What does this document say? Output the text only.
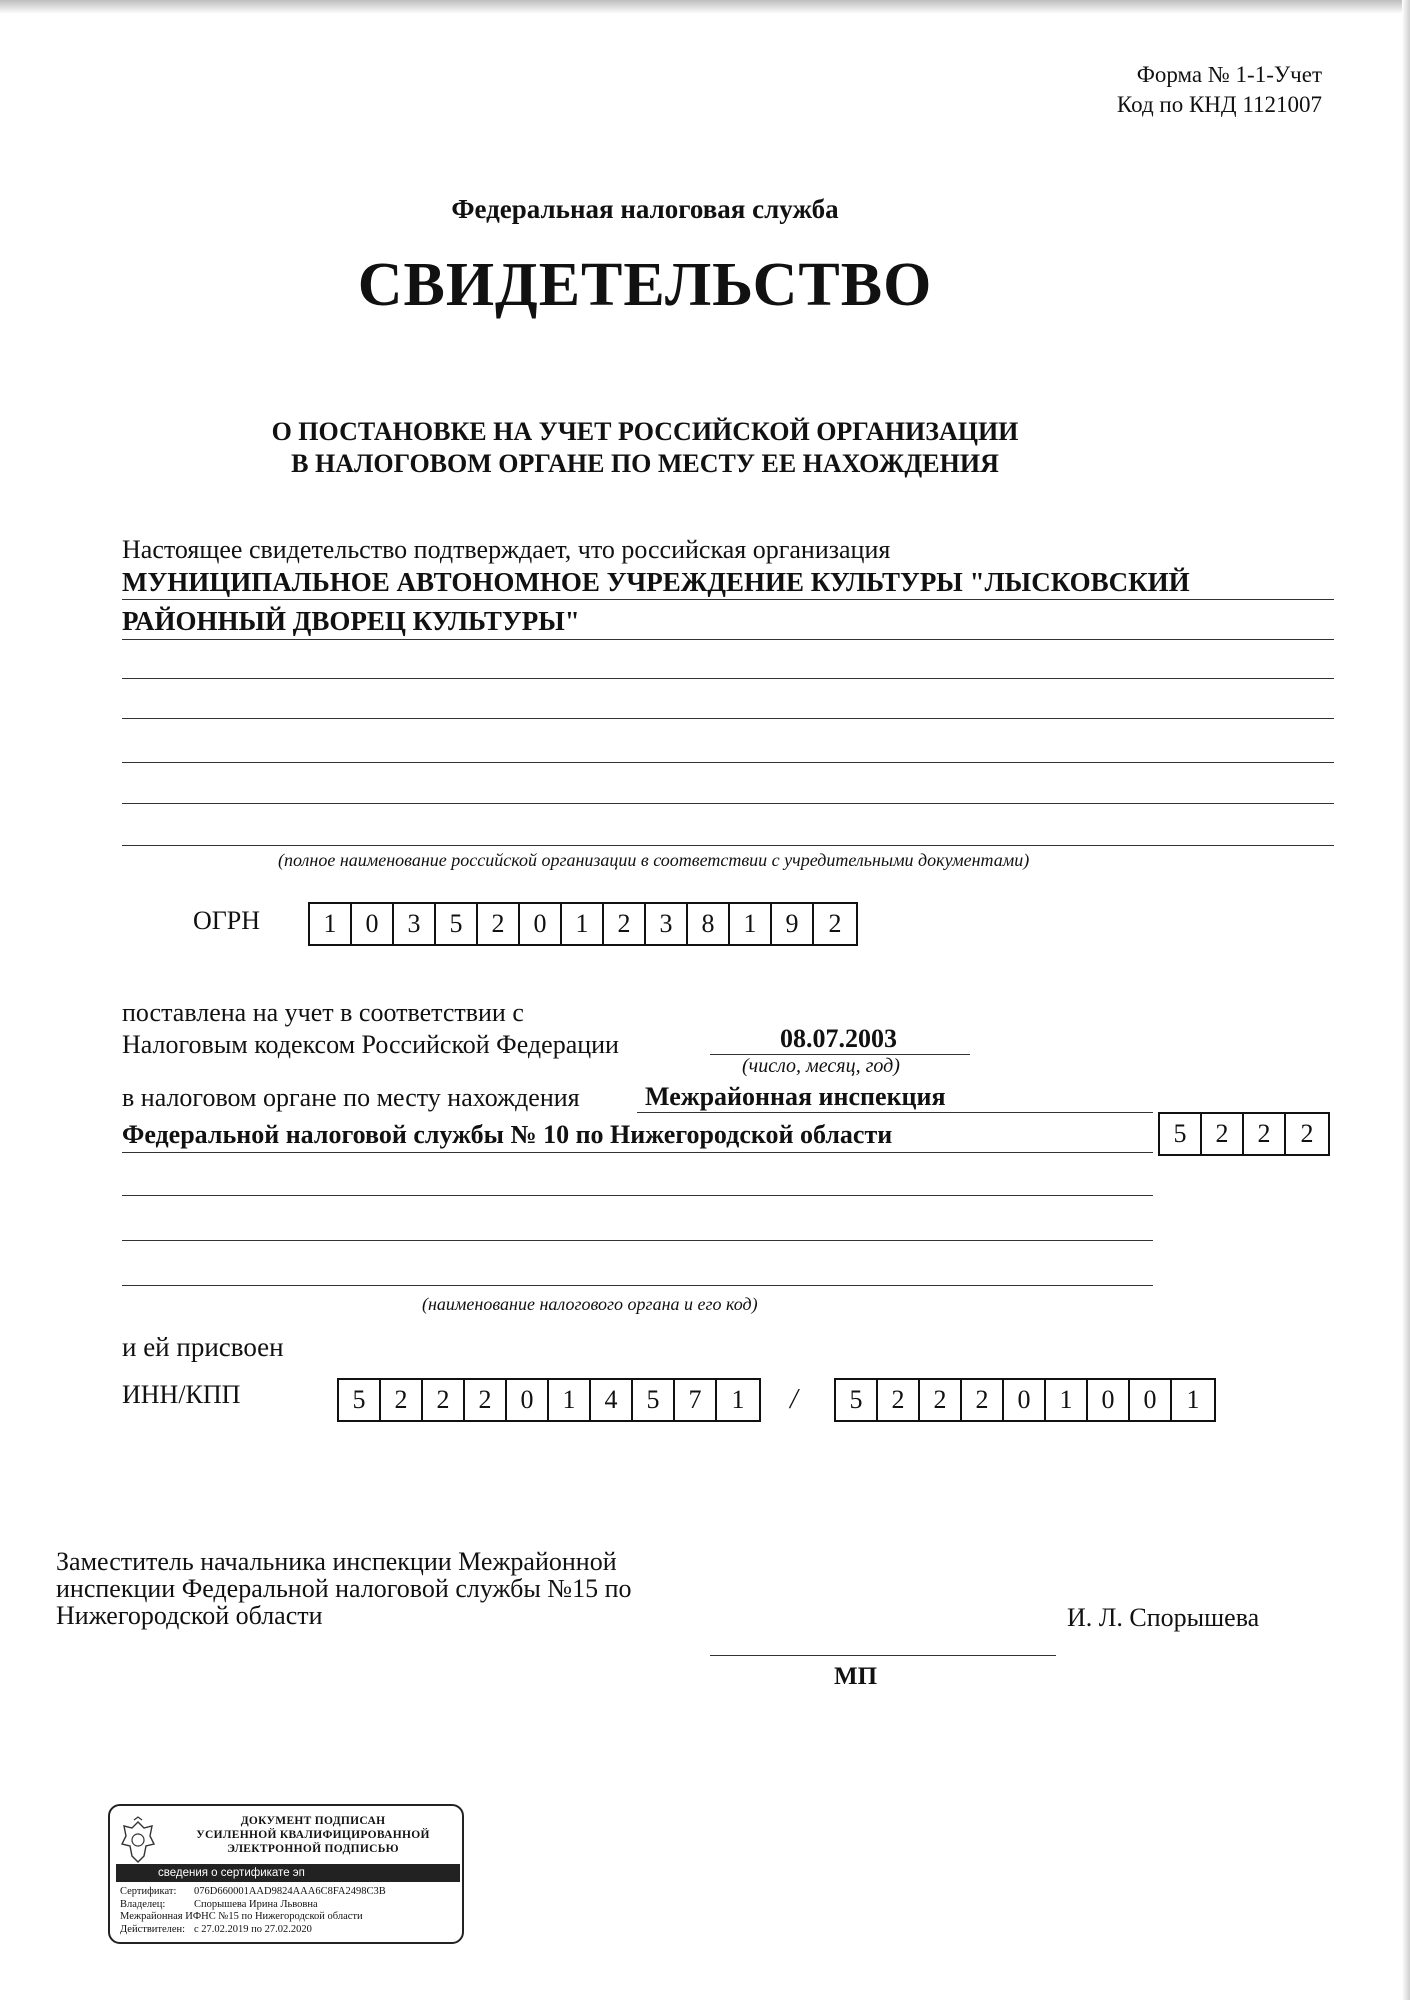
Форма № 1-1-Учет
Код по КНД 1121007
Федеральная налоговая служба
СВИДЕТЕЛЬСТВО
О ПОСТАНОВКЕ НА УЧЕТ РОССИЙСКОЙ ОРГАНИЗАЦИИ
В НАЛОГОВОМ ОРГАНЕ ПО МЕСТУ ЕЕ НАХОЖДЕНИЯ
Настоящее свидетельство подтверждает, что российская организация
МУНИЦИПАЛЬНОЕ АВТОНОМНОЕ УЧРЕЖДЕНИЕ КУЛЬТУРЫ "ЛЫСКОВСКИЙ
РАЙОННЫЙ ДВОРЕЦ КУЛЬТУРЫ"
(полное наименование российской организации в соответствии с учредительными документами)
ОГРН	1	0	3	5	2	0	1	2	3	8	1	9	2
поставлена на учет в соответствии с
Налоговым кодексом Российской Федерации	08.07.2003
(число, месяц, год)
в налоговом органе по месту нахождения	Межрайонная инспекция
Федеральной налоговой службы № 10 по Нижегородской области	5	2	2	2
(наименование налогового органа и его код)
и ей присвоен
ИНН/КПП	5	2	2	2	0	1	4	5	7	1	/	5	2	2	2	0	1	0	0	1
Заместитель начальника инспекции Межрайонной
инспекции Федеральной налоговой службы №15 по
Нижегородской области	И. Л. Спорышева
МП
ДОКУМЕНТ ПОДПИСАН
УСИЛЕННОЙ КВАЛИФИЦИРОВАННОЙ
ЭЛЕКТРОННОЙ ПОДПИСЬЮ
сведения о сертификате эп
Сертификат: 076D660001AAD9824AAA6C8FA2498C3B
Владелец:	Спорышева Ирина Львовна
Межрайонная ИФНС №15 по Нижегородской области
Действителен: с 27.02.2019 по 27.02.2020
